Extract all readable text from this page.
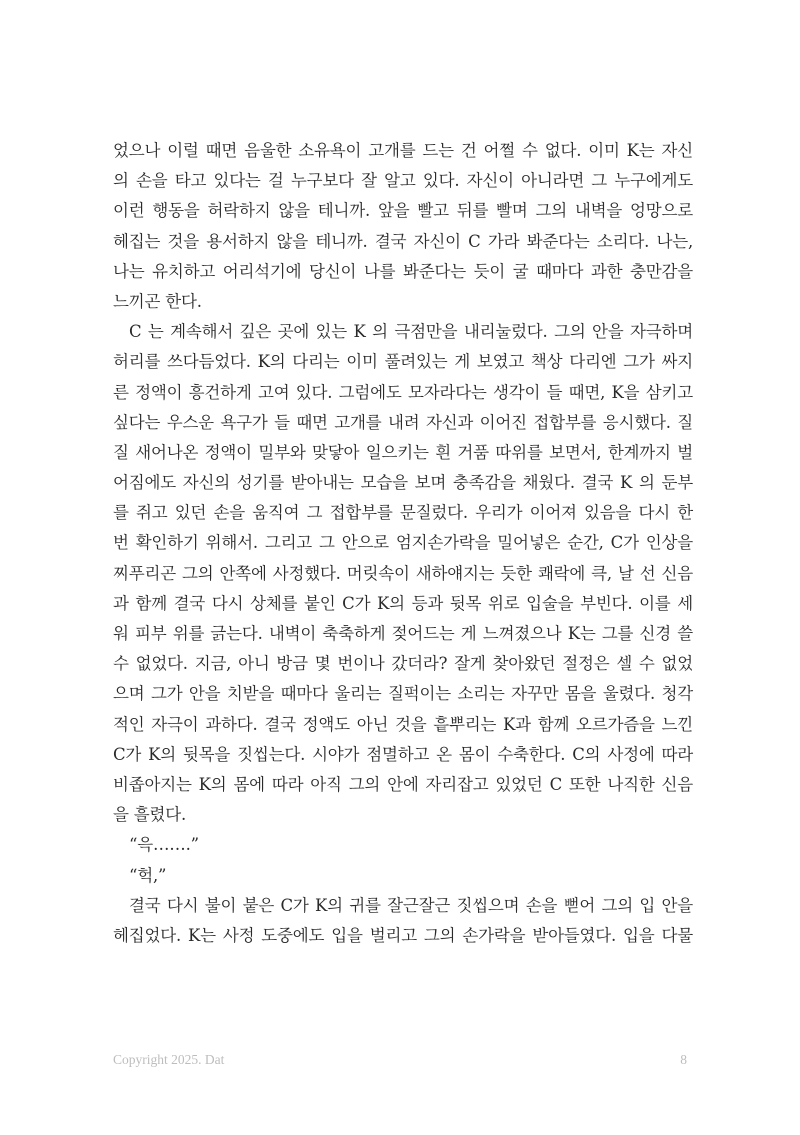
었으나 이럴 때면 음울한 소유욕이 고개를 드는 건 어쩔 수 없다. 이미 K는 자신
의 손을 타고 있다는 걸 누구보다 잘 알고 있다. 자신이 아니라면 그 누구에게도
이런 행동을 허락하지 않을 테니까. 앞을 빨고 뒤를 빨며 그의 내벽을 엉망으로
헤집는 것을 용서하지 않을 테니까. 결국 자신이 C 가라 봐준다는 소리다. 나는,
나는 유치하고 어리석기에 당신이 나를 봐준다는 듯이 굴 때마다 과한 충만감을
느끼곤 한다.
C 는 계속해서 깊은 곳에 있는 K 의 극점만을 내리눌렀다. 그의 안을 자극하며
허리를 쓰다듬었다. K의 다리는 이미 풀려있는 게 보였고 책상 다리엔 그가 싸지
른 정액이 흥건하게 고여 있다. 그럼에도 모자라다는 생각이 들 때면, K을 삼키고
싶다는 우스운 욕구가 들 때면 고개를 내려 자신과 이어진 접합부를 응시했다. 질
질 새어나온 정액이 밀부와 맞닿아 일으키는 흰 거품 따위를 보면서, 한계까지 벌
어짐에도 자신의 성기를 받아내는 모습을 보며 충족감을 채웠다. 결국 K 의 둔부
를 쥐고 있던 손을 움직여 그 접합부를 문질렀다. 우리가 이어져 있음을 다시 한
번 확인하기 위해서. 그리고 그 안으로 엄지손가락을 밀어넣은 순간, C가 인상을
찌푸리곤 그의 안쪽에 사정했다. 머릿속이 새하얘지는 듯한 쾌락에 큭, 날 선 신음
과 함께 결국 다시 상체를 붙인 C가 K의 등과 뒷목 위로 입술을 부빈다. 이를 세
워 피부 위를 긁는다. 내벽이 축축하게 젖어드는 게 느껴졌으나 K는 그를 신경 쓸
수 없었다. 지금, 아니 방금 몇 번이나 갔더라? 잘게 찾아왔던 절정은 셀 수 없었
으며 그가 안을 치받을 때마다 울리는 질퍽이는 소리는 자꾸만 몸을 울렸다. 청각
적인 자극이 과하다. 결국 정액도 아닌 것을 흩뿌리는 K과 함께 오르가즘을 느낀
C가 K의 뒷목을 짓씹는다. 시야가 점멸하고 온 몸이 수축한다. C의 사정에 따라
비좁아지는 K의 몸에 따라 아직 그의 안에 자리잡고 있었던 C 또한 나직한 신음
을 흘렸다.
“윽…….”
“헉,”
결국 다시 불이 붙은 C가 K의 귀를 잘근잘근 짓씹으며 손을 뻗어 그의 입 안을
헤집었다. K는 사정 도중에도 입을 벌리고 그의 손가락을 받아들였다. 입을 다물
Copyright 2025. Dat	8
